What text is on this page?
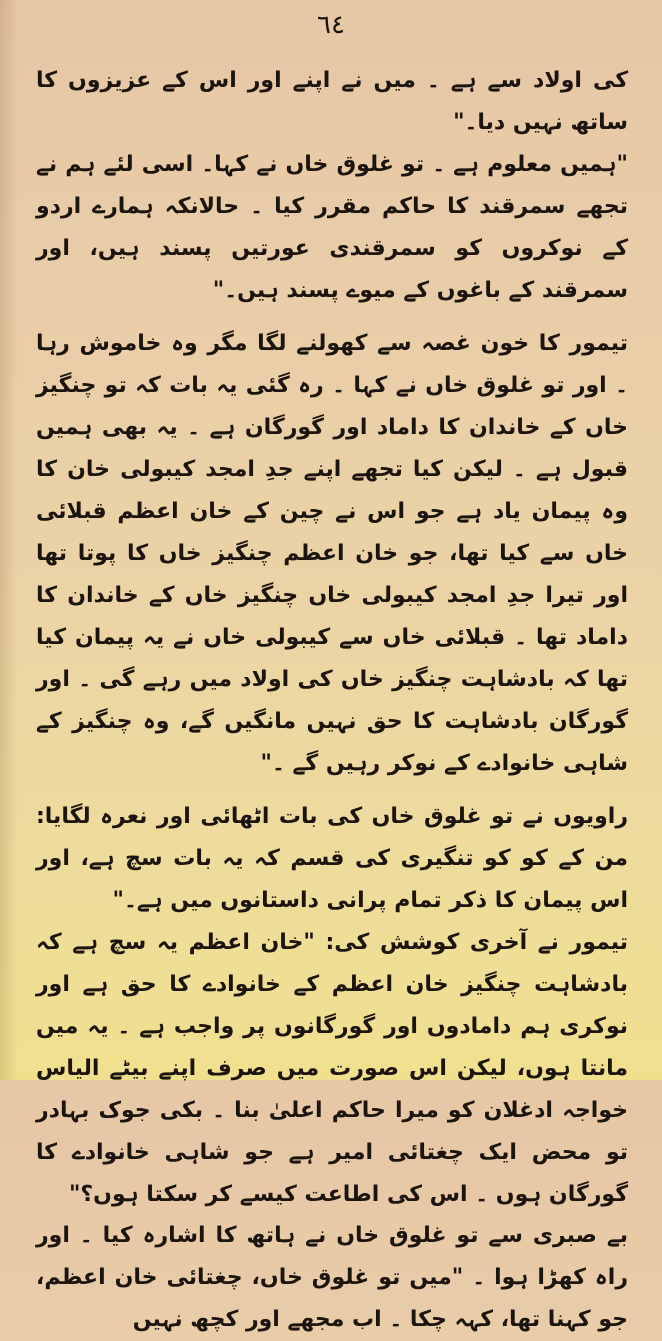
٦٤

کی اولاد سے ہے ۔ میں نے اپنے اور اس کے عزیزوں کا ساتھ نہیں دیا۔"

"ہمیں معلوم ہے ۔ تو غلوق خاں نے کہا۔ اسی لئے ہم نے تجھے سمرقند کا حاکم مقرر کیا ۔ حالانکہ ہمارے اردو کے نوکروں کو سمرقندی عورتیں پسند ہیں، اور سمرقند کے باغوں کے میوے پسند ہیں۔"

تیمور کا خون غصہ سے کھولنے لگا مگر وہ خاموش رہا ۔ اور تو غلوق خاں نے کہا ۔ رہ گئی یہ بات کہ تو چنگیز خاں کے خاندان کا داماد اور گورگان ہے ۔ یہ بھی ہمیں قبول ہے ۔ لیکن کیا تجھے اپنے جدِ امجد کیبولی خان کا وہ پیمان یاد ہے جو اس نے چین کے خان اعظم قبلائی خاں سے کیا تھا، جو خان اعظم چنگیز خاں کا پوتا تھا اور تیرا جدِ امجد کیبولی خاں چنگیز خاں کے خاندان کا داماد تھا ۔ قبلائی خاں سے کیبولی خاں نے یہ پیمان کیا تھا کہ بادشاہت چنگیز خاں کی اولاد میں رہے گی ۔ اور گورگان بادشاہت کا حق نہیں مانگیں گے، وہ چنگیز کے شاہی خانوادے کے نوکر رہیں گے ۔"

راویوں نے تو غلوق خاں کی بات اٹھائی اور نعرہ لگایا: من کے کو کو تنگیری کی قسم کہ یہ بات سچ ہے، اور اس پیمان کا ذکر تمام پرانی داستانوں میں ہے۔"

تیمور نے آخری کوشش کی: "خان اعظم یہ سچ ہے کہ بادشاہت چنگیز خان اعظم کے خانوادے کا حق ہے اور نوکری ہم دامادوں اور گورگانوں پر واجب ہے ۔ یہ میں مانتا ہوں، لیکن اس صورت میں صرف اپنے بیٹے الیاس خواجہ ادغلان کو میرا حاکم اعلیٰ بنا ۔ بکی جوک بہادر تو محض ایک چغتائی امیر ہے جو شاہی خانوادے کا گورگان ہوں ۔ اس کی اطاعت کیسے کر سکتا ہوں؟"

بے صبری سے تو غلوق خاں نے ہاتھ کا اشارہ کیا ۔ اور راہ کھڑا ہوا ۔ "میں تو غلوق خاں، چغتائی خان اعظم، جو کہنا تھا، کہہ چکا ۔ اب مجھے اور کچھ نہیں
